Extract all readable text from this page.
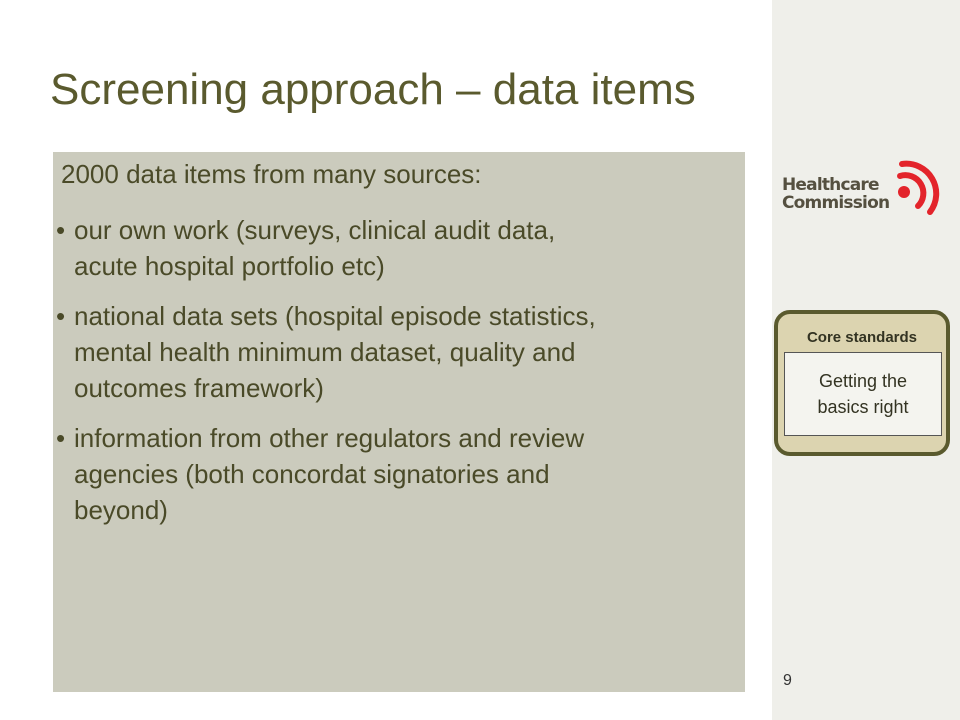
Screening approach – data items

2000 data items from many sources:

• our own work (surveys, clinical audit data,
acute hospital portfolio etc)
• national data sets (hospital episode statistics,
mental health minimum dataset, quality and
outcomes framework)
• information from other regulators and review
agencies (both concordat signatories and
beyond)
Healthcare
Commission
Core standards
Getting the
basics right
9
